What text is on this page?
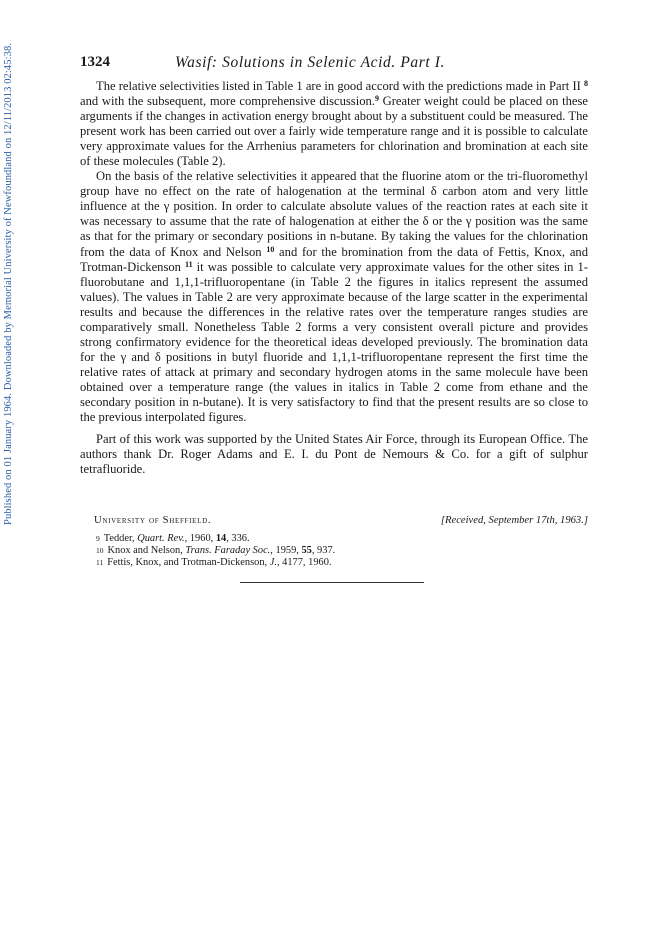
Published on 01 January 1964. Downloaded by Memorial University of Newfoundland on 12/11/2013 02:45:38.	1324	Wasif: Solutions in Selenic Acid. Part I.

The relative selectivities listed in Table 1 are in good accord with the predictions made in Part II $^8$ and with the subsequent, more comprehensive discussion.$^9$ Greater weight could be placed on these arguments if the changes in activation energy brought about by a substituent could be measured. The present work has been carried out over a fairly wide temperature range and it is possible to calculate very approximate values for the Arrhenius parameters for chlorination and bromination at each site of these molecules (Table 2).

On the basis of the relative selectivities it appeared that the fluorine atom or the tri-fluoromethyl group have no effect on the rate of halogenation at the terminal δ carbon atom and very little influence at the γ position. In order to calculate absolute values of the reaction rates at each site it was necessary to assume that the rate of halogenation at either the δ or the γ position was the same as that for the primary or secondary positions in n-butane. By taking the values for the chlorination from the data of Knox and Nelson $^{10}$ and for the bromination from the data of Fettis, Knox, and Trotman-Dickenson $^{11}$ it was possible to calculate very approximate values for the other sites in 1-fluorobutane and 1,1,1-trifluoropentane (in Table 2 the figures in italics represent the assumed values). The values in Table 2 are very approximate because of the large scatter in the experimental results and because the differences in the relative rates over the temperature ranges studies are comparatively small. Nonetheless Table 2 forms a very consistent overall picture and provides strong confirmatory evidence for the theoretical ideas developed previously. The bromination data for the γ and δ positions in butyl fluoride and 1,1,1-trifluoropentane represent the first time the relative rates of attack at primary and secondary hydrogen atoms in the same molecule have been obtained over a temperature range (the values in italics in Table 2 come from ethane and the secondary position in n-butane). It is very satisfactory to find that the present results are so close to the previous interpolated figures.

Part of this work was supported by the United States Air Force, through its European Office. The authors thank Dr. Roger Adams and E. I. du Pont de Nemours & Co. for a gift of sulphur tetrafluoride.

University of Sheffield.	[Received, September 17th, 1963.]
$^9$ Tedder, Quart. Rev., 1960, 14, 336.
$^{10}$ Knox and Nelson, Trans. Faraday Soc., 1959, 55, 937.
$^{11}$ Fettis, Knox, and Trotman-Dickenson, J., 4177, 1960.
